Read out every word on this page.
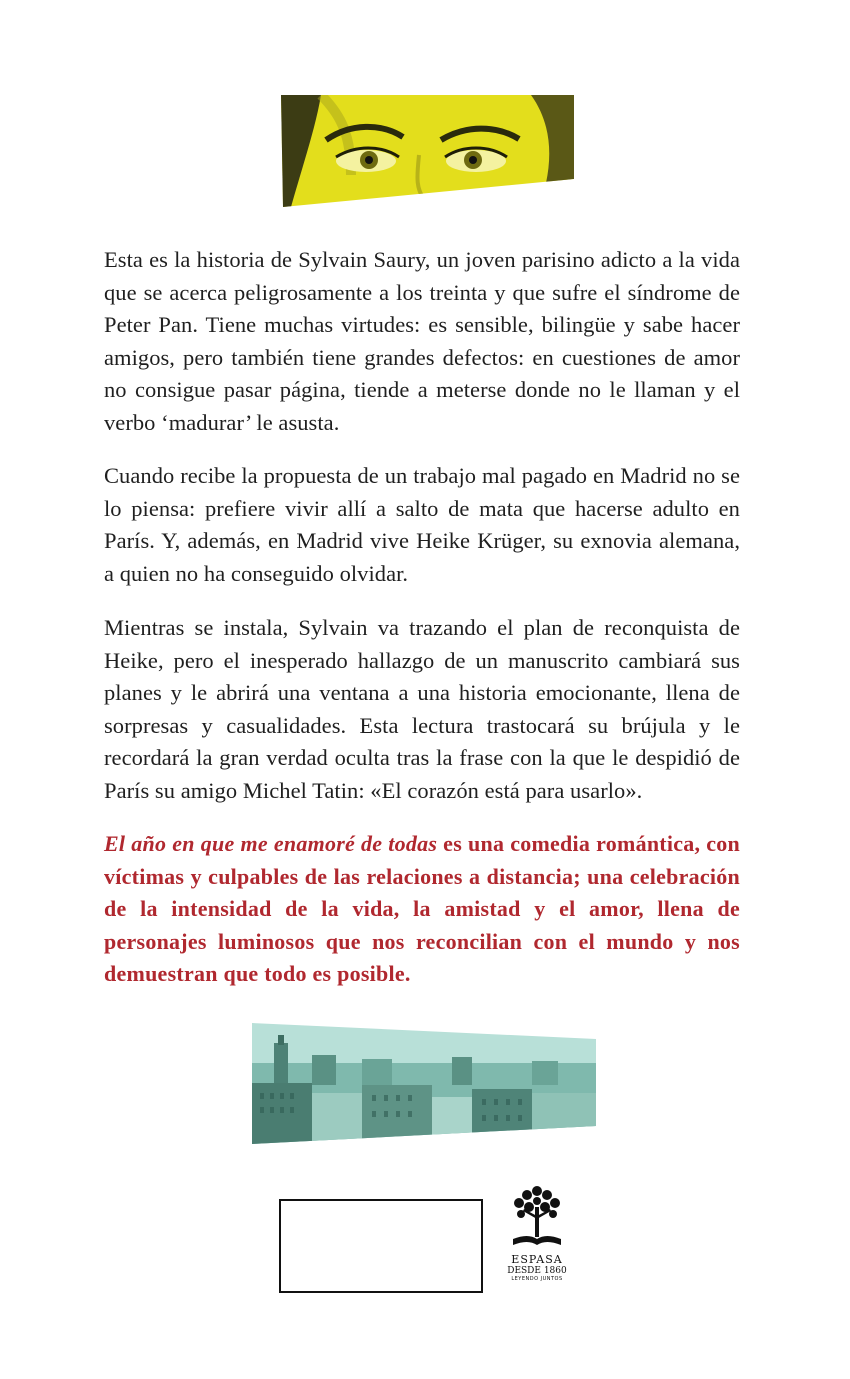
Esta es la historia de Sylvain Saury, un joven parisino adicto a la vida que se acerca peligrosamente a los treinta y que sufre el síndrome de Peter Pan. Tiene muchas virtudes: es sensible, bilingüe y sabe hacer amigos, pero también tiene grandes defectos: en cuestiones de amor no consigue pasar página, tiende a meterse donde no le llaman y el verbo ‘madurar’ le asusta.

Cuando recibe la propuesta de un trabajo mal pagado en Madrid no se lo piensa: prefiere vivir allí a salto de mata que hacerse adulto en París. Y, además, en Madrid vive Heike Krüger, su exnovia alemana, a quien no ha conseguido olvidar.

Mientras se instala, Sylvain va trazando el plan de reconquista de Heike, pero el inesperado hallazgo de un manuscrito cambiará sus planes y le abrirá una ventana a una historia emocionante, llena de sorpresas y casualidades. Esta lectura trastocará su brújula y le recordará la gran verdad oculta tras la frase con la que le despidió de París su amigo Michel Tatin: «El corazón está para usarlo».

El año en que me enamoré de todas es una comedia romántica, con víctimas y culpables de las relaciones a distancia; una celebración de la intensidad de la vida, la amistad y el amor, llena de personajes luminosos que nos reconcilian con el mundo y nos demuestran que todo es posible.

ESPASA
DESDE 1860
LEYENDO JUNTOS
